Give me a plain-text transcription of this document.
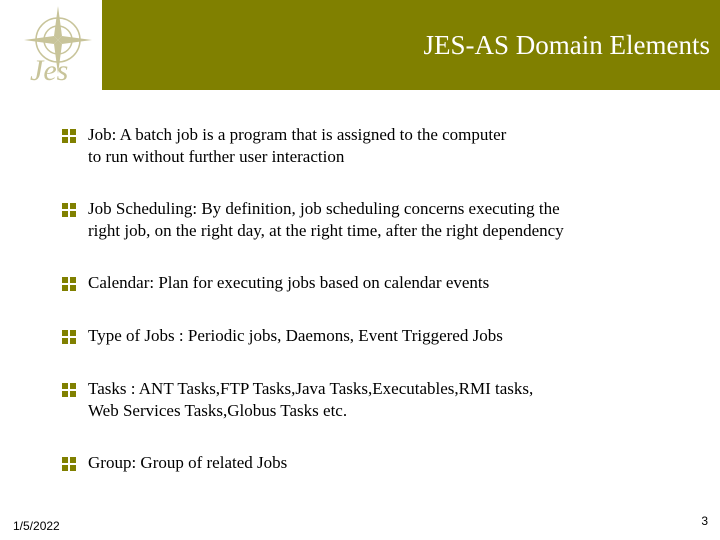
Jes
JES-AS Domain Elements
Job: A batch job is a program that is assigned to the computer
to run without further user interaction
Job Scheduling: By definition, job scheduling concerns executing the
right job, on the right day, at the right time, after the right dependency
Calendar: Plan for executing jobs based on calendar events
Type of Jobs : Periodic jobs, Daemons, Event Triggered Jobs
Tasks : ANT Tasks,FTP Tasks,Java Tasks,Executables,RMI tasks,
Web Services Tasks,Globus Tasks etc.
Group: Group of related Jobs
1/5/2022	3
